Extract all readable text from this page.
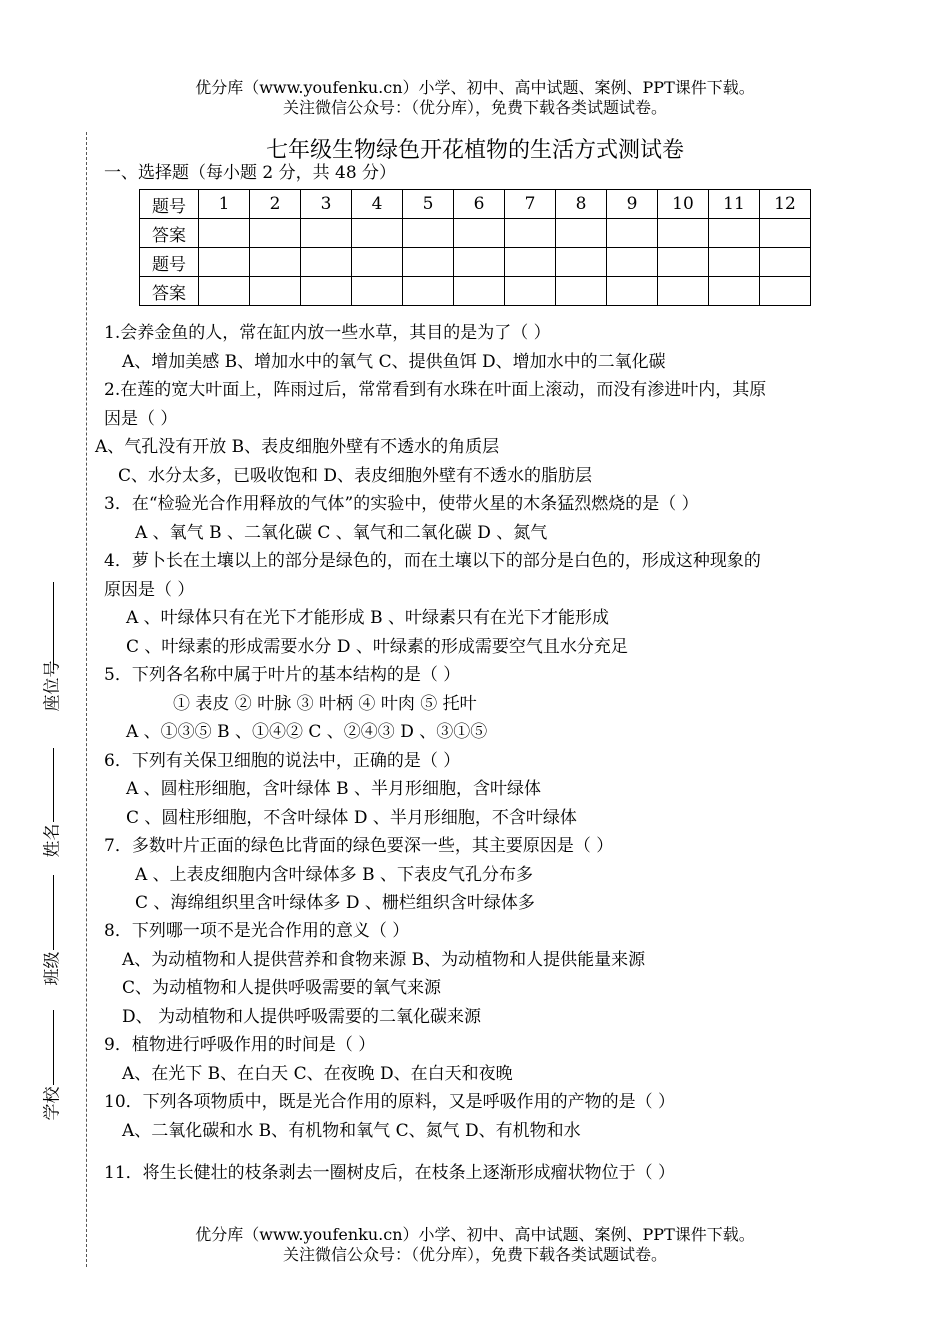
优分库（www.youfenku.cn）小学、初中、高中试题、案例、PPT课件下载。
关注微信公众号：（优分库），免费下载各类试题试卷。
座位号
姓名
班级
学校
七年级生物绿色开花植物的生活方式测试卷
一、选择题（每小题 2 分，共 48 分）
题号	1	2	3	4	5	6	7	8	9	10	11	12
答案												
题号												
答案												
1.会养金鱼的人，常在缸内放一些水草，其目的是为了（ ）
A、增加美感 B、增加水中的氧气 C、提供鱼饵 D、增加水中的二氧化碳
2.在莲的宽大叶面上，阵雨过后，常常看到有水珠在叶面上滚动，而没有渗进叶内，其原
因是（ ）
A、气孔没有开放 B、表皮细胞外壁有不透水的角质层
C、水分太多，已吸收饱和 D、表皮细胞外壁有不透水的脂肪层
3．在“检验光合作用释放的气体”的实验中，使带火星的木条猛烈燃烧的是（ ）
A 、氧气 B 、二氧化碳 C 、氧气和二氧化碳 D 、氮气
4．萝卜长在土壤以上的部分是绿色的，而在土壤以下的部分是白色的，形成这种现象的
原因是（ ）
A 、叶绿体只有在光下才能形成 B 、叶绿素只有在光下才能形成
C 、叶绿素的形成需要水分 D 、叶绿素的形成需要空气且水分充足
5．下列各名称中属于叶片的基本结构的是（ ）
① 表皮 ② 叶脉 ③ 叶柄 ④ 叶肉 ⑤ 托叶
A 、①③⑤ B 、①④② C 、②④③ D 、③①⑤
6．下列有关保卫细胞的说法中，正确的是（ ）
A 、圆柱形细胞，含叶绿体 B 、半月形细胞，含叶绿体
C 、圆柱形细胞，不含叶绿体 D 、半月形细胞，不含叶绿体
7．多数叶片正面的绿色比背面的绿色要深一些，其主要原因是（ ）
A 、上表皮细胞内含叶绿体多 B 、下表皮气孔分布多
C 、海绵组织里含叶绿体多 D 、栅栏组织含叶绿体多
8．下列哪一项不是光合作用的意义（ ）
A、为动植物和人提供营养和食物来源 B、为动植物和人提供能量来源
C、为动植物和人提供呼吸需要的氧气来源
D、 为动植物和人提供呼吸需要的二氧化碳来源
9．植物进行呼吸作用的时间是（ ）
A、在光下 B、在白天 C、在夜晚 D、在白天和夜晚
10．下列各项物质中，既是光合作用的原料，又是呼吸作用的产物的是（ ）
A、二氧化碳和水 B、有机物和氧气 C、氮气 D、有机物和水
11．将生长健壮的枝条剥去一圈树皮后，在枝条上逐渐形成瘤状物位于（ ）
优分库（www.youfenku.cn）小学、初中、高中试题、案例、PPT课件下载。
关注微信公众号：（优分库），免费下载各类试题试卷。
